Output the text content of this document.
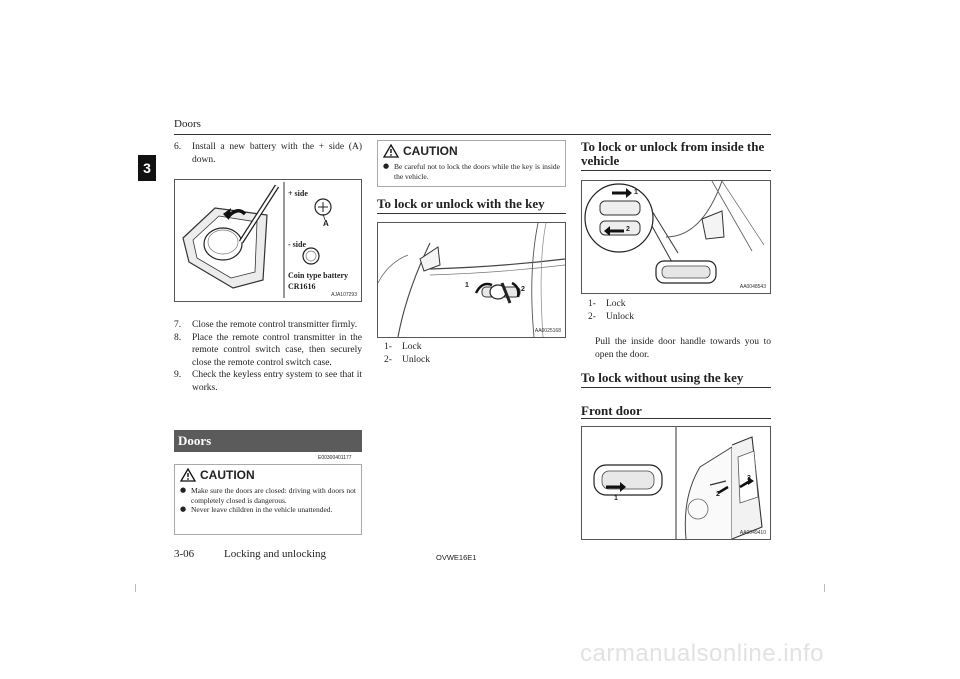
Doors
3
6.	Install a new battery with the + side (A) down.
+ side
A
- side
Coin type battery
CR1616
AJA107293
7.	Close the remote control transmitter firmly.
8.	Place the remote control transmitter in the remote control switch case, then securely close the remote control switch case.
9.	Check the keyless entry system to see that it works.
Doors
E00300401177
CAUTION
● Make sure the doors are closed: driving with doors not completely closed is dangerous.
● Never leave children in the vehicle unattended.
CAUTION
● Be careful not to lock the doors while the key is inside the vehicle.
To lock or unlock with the key
1
2
AA0025168
1-	Lock
2-	Unlock
To lock or unlock from inside the vehicle
1
2
AA0048543
1-	Lock
2-	Unlock
Pull the inside door handle towards you to open the door.
To lock without using the key
Front door
1
2
3
AA0049410
3-06	Locking and unlocking	OVWE16E1
carmanualsonline.info
